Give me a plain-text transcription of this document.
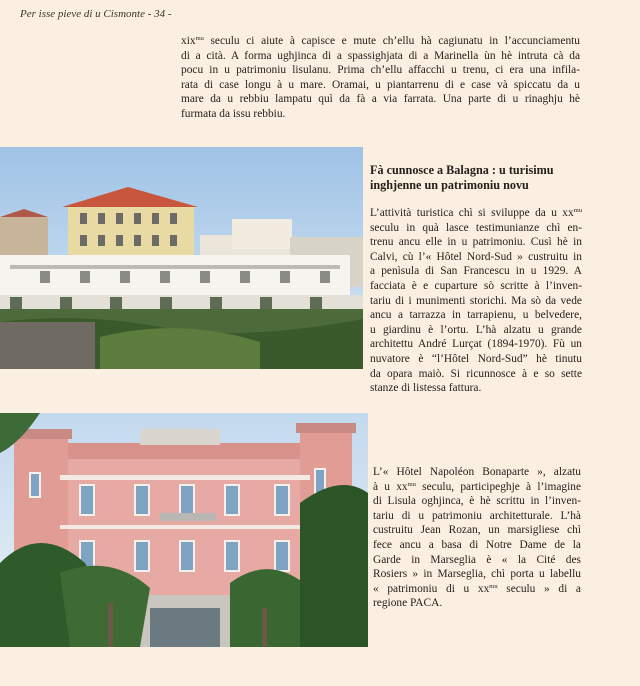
Per isse pieve di u Cismonte - 34 -

xix$^{mu}$ seculu ci aiute à capisce e mute ch’ellu hà cagiunatu in l’accunciamentu
di a cità. A forma ughjinca di a spassighjata di a Marinella ùn hè intruta cà da
pocu in u patrimoniu lisulanu. Prima ch’ellu affacchi u trenu, ci era una infila-
rata di case longu à u mare. Oramai, u piantarrenu di e case và spiccatu da u
mare da u rebbiu lampatu quì da fà a via farrata. Una parte di u rinaghju hè
furmata da issu rebbiu.

Fà cunnosce a Balagna : u turisimu
inghjenne un patrimoniu novu

L’attività turistica chì si sviluppe da u $xx^{mu}$
seculu in quà lasce testimunianze chì en-
trenu ancu elle in u patrimoniu. Cusì hè in
Calvi, cù l’« Hôtel Nord-Sud » custruitu in
a penìsula di San Francescu in u 1929. A
facciata è e cuparture sò scritte à l’inven-
tariu di i munimenti storichi. Ma sò da vede
ancu a tarrazza in tarrapienu, u belvedere,
u giardinu è l’ortu. L’hà alzatu u grande
architettu André Lurçat (1894-1970). Fù un
nuvatore è “l’Hôtel Nord-Sud” hè tinutu
da opara maiò. Si ricunnosce à e so sette
stanze di listessa fattura.

L’« Hôtel Napoléon Bonaparte », alzatu
à u $xx^{mu}$ seculu, participeghje à l’imagine
di Lisula oghjinca, è hè scrittu in l’inven-
tariu di u patrimoniu architetturale. L’hà
custruitu Jean Rozan, un marsigliese chì
fece ancu a basa di Notre Dame de la
Garde in Marseglia è « la Cité des
Rosiers » in Marseglia, chì porta u labellu
« patrimoniu di u $xx^{mu}$ seculu » di a
regione PACA.
